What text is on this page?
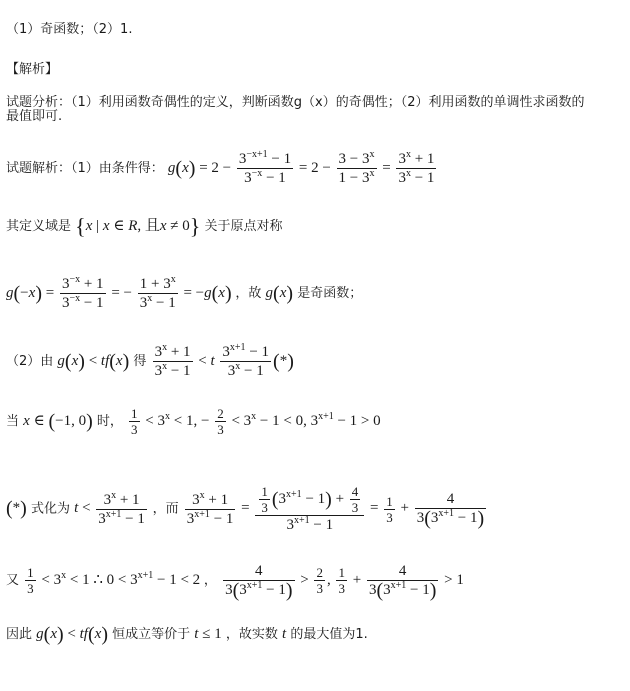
（1）奇函数；（2）1.
【解析】
试题分析：（1）利用函数奇偶性的定义，判断函数g（x）的奇偶性；（2）利用函数的单调性求函数的
最值即可.
试题解析：（1）由条件得： $g(x) = 2 - \frac{3^{-x+1} - 1}{3^{-x} - 1} = 2 - \frac{3 - 3^x}{1 - 3^x} = \frac{3^x + 1}{3^x - 1}$
其定义域是 {x | x ∈ R, 且x ≠ 0} 关于原点对称
$g(-x) = \frac{3^{-x} + 1}{3^{-x} - 1}$ = − $\frac{1 + 3^x}{3^x - 1} = -g(x)$ ，故 g(x) 是奇函数；
（2）由 g(x) < tf(x) 得 $\frac{3^x + 1}{3^x - 1} < t \frac{3^{x+1} - 1}{3^x - 1}$ (*)
当 x ∈ (−1, 0) 时， $\frac{1}{3} < 3^x < 1$, − $\frac{2}{3} < 3^x - 1 < 0$, $3^{x+1} - 1 > 0$
(*) 式化为 $t < \frac{3^x + 1}{3^{x+1} - 1}$ ，而 $\frac{3^x + 1}{3^{x+1} - 1} = \frac{\frac{1}{3} (3^{x+1} - 1) + \frac{4}{3}}{3^{x+1} - 1} = \frac{1}{3} + \frac{4}{3(3^{x+1} - 1)}$
又 $\frac{1}{3} < 3^x < 1$ ∴ $0 < 3^{x+1} - 1 < 2$ ， $\frac{4}{3(3^{x+1} - 1)} > \frac{2}{3}$ , $\frac{1}{3} + \frac{4}{3(3^{x+1} - 1)} > 1$
因此 g(x) < tf(x) 恒成立等价于 t ≤ 1 ，故实数 t 的最大值为1.
